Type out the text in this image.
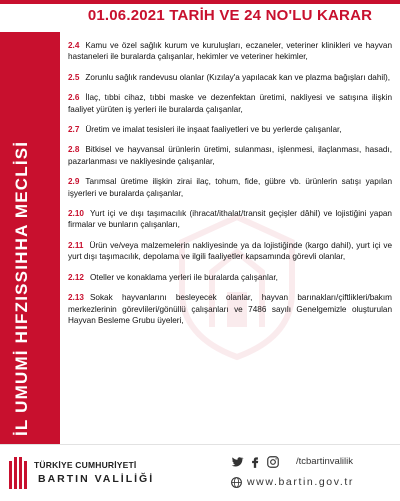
01.06.2021 TARİH VE 24 NO'LU KARAR
İL UMUMİ HIFZISSIHHA MECLİSİ
2.4 Kamu ve özel sağlık kurum ve kuruluşları, eczaneler, veteriner klinikleri ve hayvan hastaneleri ile buralarda çalışanlar, hekimler ve veteriner hekimler,
2.5 Zorunlu sağlık randevusu olanlar (Kızılay'a yapılacak kan ve plazma bağışları dahil),
2.6 İlaç, tıbbi cihaz, tıbbi maske ve dezenfektan üretimi, nakliyesi ve satışına ilişkin faaliyet yürüten iş yerleri ile buralarda çalışanlar,
2.7 Üretim ve imalat tesisleri ile inşaat faaliyetleri ve bu yerlerde çalışanlar,
2.8 Bitkisel ve hayvansal ürünlerin üretimi, sulanması, işlenmesi, ilaçlanması, hasadı, pazarlanması ve nakliyesinde çalışanlar,
2.9 Tarımsal üretime ilişkin zirai ilaç, tohum, fide, gübre vb. ürünlerin satışı yapılan işyerleri ve buralarda çalışanlar,
2.10 Yurt içi ve dışı taşımacılık (ihracat/ithalat/transit geçişler dâhil) ve lojistiğini yapan firmalar ve bunların çalışanları,
2.11 Ürün ve/veya malzemelerin nakliyesinde ya da lojistiğinde (kargo dahil), yurt içi ve yurt dışı taşımacılık, depolama ve ilgili faaliyetler kapsamında görevli olanlar,
2.12 Oteller ve konaklama yerleri ile buralarda çalışanlar,
2.13 Sokak hayvanlarını besleyecek olanlar, hayvan barınakları/çiftlikleri/bakım merkezlerinin görevlileri/gönüllü çalışanları ve 7486 sayılı Genelgemizle oluşturulan Hayvan Besleme Grubu üyeleri,
TÜRKİYE CUMHURİYETİ
BARTIN VALİLİĞİ
/tcbartinvalilik
www.bartin.gov.tr
